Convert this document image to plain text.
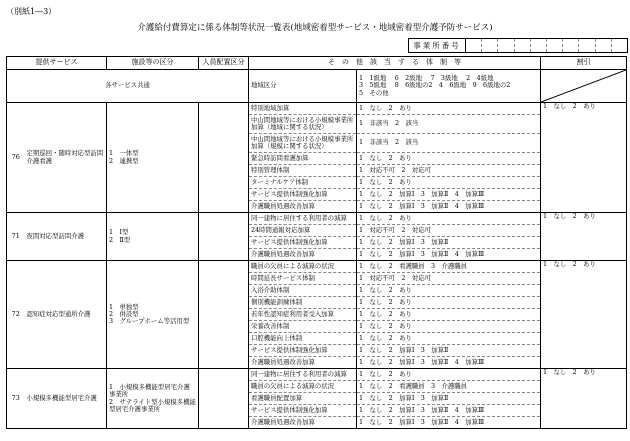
（別紙1―3）
介護給付費算定に係る体制等状況一覧表(地域密着型サービス・地域密着型介護予防サービス)
事業所番号
提供サービス		施設等の区分	人員配置区分	そ　の　他　該　当　す　る　体　制　等		割引
各サービス共通				地域区分	1　1級地　 6　2級地　 7　3級地　 2　4級地
3　5級地　 8　6級地の2　4　6級地　9　6級地の2
5　その他

76	定期巡回・随時対応型訪問介護看護	1　一体型
2　連携型		特別地域加算	1　なし　2　あり	1　なし　2　あり
				中山間地域等における小規模事業所加算（地域に関する状況）	1　非該当　2　該当	
				中山間地域等における小規模事業所加算（規模に関する状況）	1　非該当　2　該当	
				緊急時訪問看護加算	1　なし　2　あり	
				特別管理体制	1　対応不可　2　対応可	
				ターミナルケア体制	1　なし　2　あり	
				サービス提供体制強化加算	1　なし　2　加算Ⅰ　3　加算Ⅱ　4　加算Ⅲ	
				介護職員処遇改善加算	1　なし　2　加算Ⅰ　3　加算Ⅱ　4　加算Ⅲ	
71	夜間対応型訪問介護	1　Ⅰ型
2　Ⅱ型		同一建物に居住する利用者の減算	1　なし　2　あり	1　なし　2　あり
				24時間通報対応加算	1　対応不可　2　対応可	
				サービス提供体制強化加算	1　なし　2　加算Ⅰ　3　加算Ⅱ	
				介護職員処遇改善加算	1　なし　2　加算Ⅰ　3　加算Ⅱ　4　加算Ⅲ	
72	認知症対応型通所介護	1　単独型
2　併設型
3　グループホーム等活用型		職員の欠員による減算の状況	1　なし　2　看護職員　3　介護職員	1　なし　2　あり
				時間延長サービス体制	1　対応不可　2　対応可	
				入浴介助体制	1　なし　2　あり	
				個別機能訓練体制	1　なし　2　あり	
				若年性認知症利用者受入加算	1　なし　2　あり	
				栄養改善体制	1　なし　2　あり	
				口腔機能向上体制	1　なし　2　あり	
				サービス提供体制強化加算	1　なし　2　加算Ⅰ　3　加算Ⅱ	
				介護職員処遇改善加算	1　なし　2　加算Ⅰ　3　加算Ⅱ　4　加算Ⅲ	
73	小規模多機能型居宅介護	1　小規模多機能型居宅介護事業所
2　サテライト型小規模多機能型居宅介護事業所		同一建物に居住する利用者の減算	1　なし　2　あり	1　なし　2　あり
				職員の欠員による減算の状況	1　なし　2　看護職員　3　介護職員	
				看護職員配置加算	1　なし　2　加算Ⅰ　3　加算Ⅱ	
				サービス提供体制強化加算	1　なし　2　加算Ⅰ　3　加算Ⅱ　4　加算Ⅲ	
				介護職員処遇改善加算	1　なし　2　加算Ⅰ　3　加算Ⅱ　4　加算Ⅲ	
